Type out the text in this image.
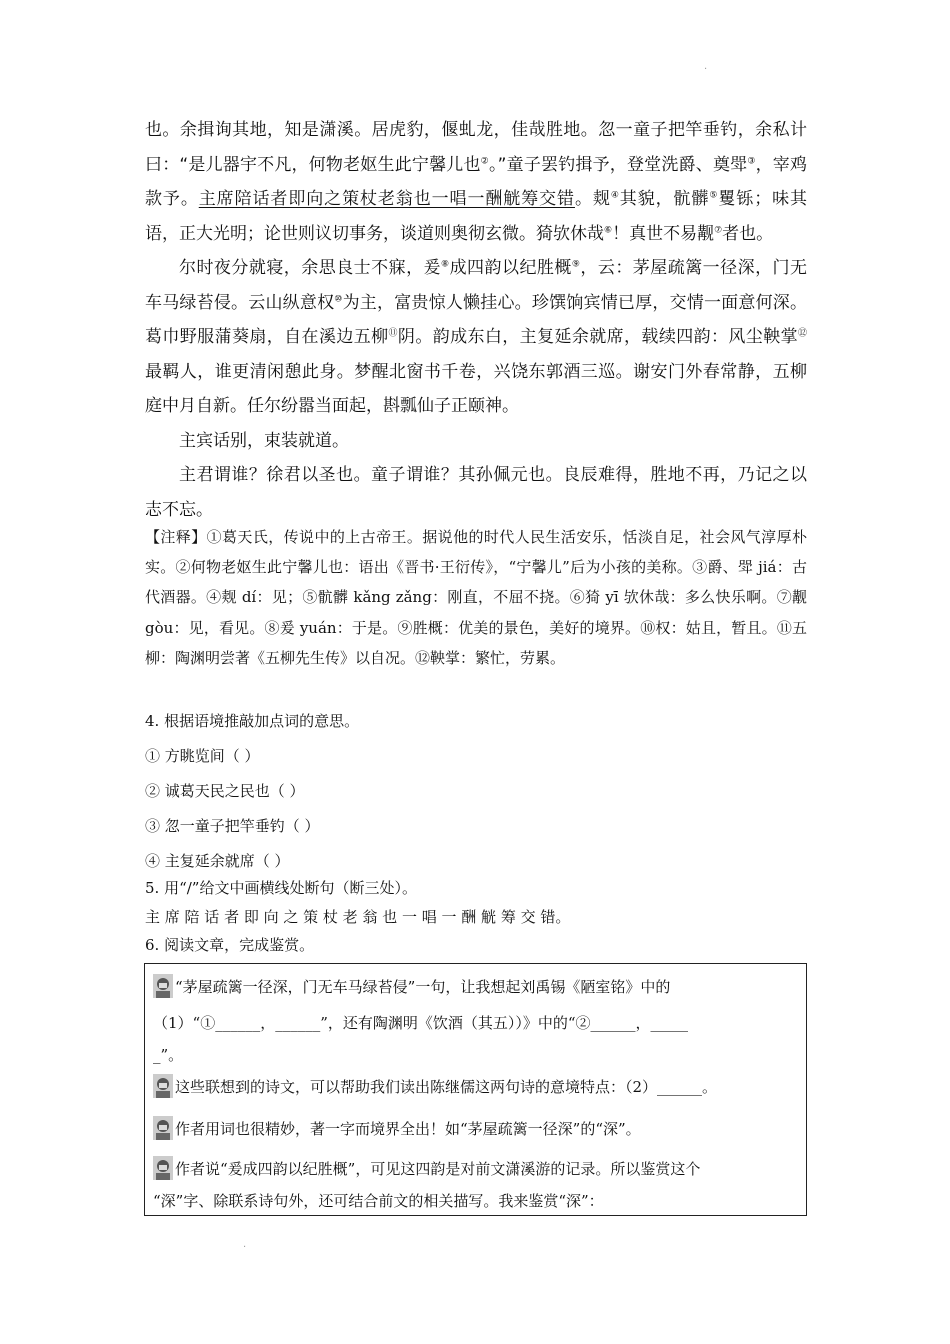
·
·

也。余揖询其地，知是潇溪。居虎豹，偃虬龙，佳哉胜地。忽一童子把竿垂钓，余私计曰：“是儿器宇不凡，何物老妪生此宁馨儿也②。”童子罢钓揖予，登堂洗爵、奠斝③，宰鸡款予。主席陪话者即向之策杖老翁也一唱一酬觥筹交错。觌④其貌，骯髒⑤矍铄；味其语，正大光明；论世则议切事务，谈道则奥彻玄微。猗欤休哉⑥！真世不易觏⑦者也。

尔时夜分就寝，余思良士不寐，爰⑧成四韵以纪胜概⑨，云：茅屋疏篱一径深，门无车马绿苔侵。云山纵意权⑩为主，富贵惊人懒挂心。珍馔饷宾情已厚，交情一面意何深。葛巾野服蒲葵扇，自在溪边五柳⑪阴。韵成东白，主复延余就席，载续四韵：风尘鞅掌⑫最羁人，谁更清闲憩此身。梦醒北窗书千卷，兴饶东郭酒三巡。谢安门外春常静，五柳庭中月自新。任尔纷嚣当面起，斟瓢仙子正颐神。

主宾话别，束装就道。

主君谓谁？徐君以圣也。童子谓谁？其孙佩元也。良辰难得，胜地不再，乃记之以志不忘。

【注释】①葛天氏，传说中的上古帝王。据说他的时代人民生活安乐，恬淡自足，社会风气淳厚朴实。②何物老妪生此宁馨儿也：语出《晋书·王衍传》，“宁馨儿”后为小孩的美称。③爵、斝 jiá：古代酒器。④觌 dí：见；⑤骯髒 kǎng zǎng：刚直，不屈不挠。⑥猗 yī 欤休哉：多么快乐啊。⑦觏 gòu：见，看见。⑧爰 yuán：于是。⑨胜概：优美的景色，美好的境界。⑩权：姑且，暂且。⑪五柳：陶渊明尝著《五柳先生传》以自况。⑫鞅掌：繁忙，劳累。

4. 根据语境推敲加点词的意思。

① 方眺览间（ ）

② 诚葛天民之民也（ ）

③ 忽一童子把竿垂钓（ ）

④ 主复延余就席（ ）

5. 用“/”给文中画横线处断句（断三处）。

主 席 陪 话 者 即 向 之 策 杖 老 翁 也 一 唱 一 酬 觥 筹 交 错。

6. 阅读文章，完成鉴赏。

“茅屋疏篱一径深，门无车马绿苔侵”一句，让我想起刘禹锡《陋室铭》中的
（1）“①______，______”，还有陶渊明《饮酒（其五））》中的“②______，_____
_”。
这些联想到的诗文，可以帮助我们读出陈继儒这两句诗的意境特点：（2）______。
作者用词也很精妙，著一字而境界全出！如“茅屋疏篱一径深”的“深”。
作者说“爰成四韵以纪胜概”，可见这四韵是对前文潇溪游的记录。所以鉴赏这个
“深”字、除联系诗句外，还可结合前文的相关描写。我来鉴赏“深”：
